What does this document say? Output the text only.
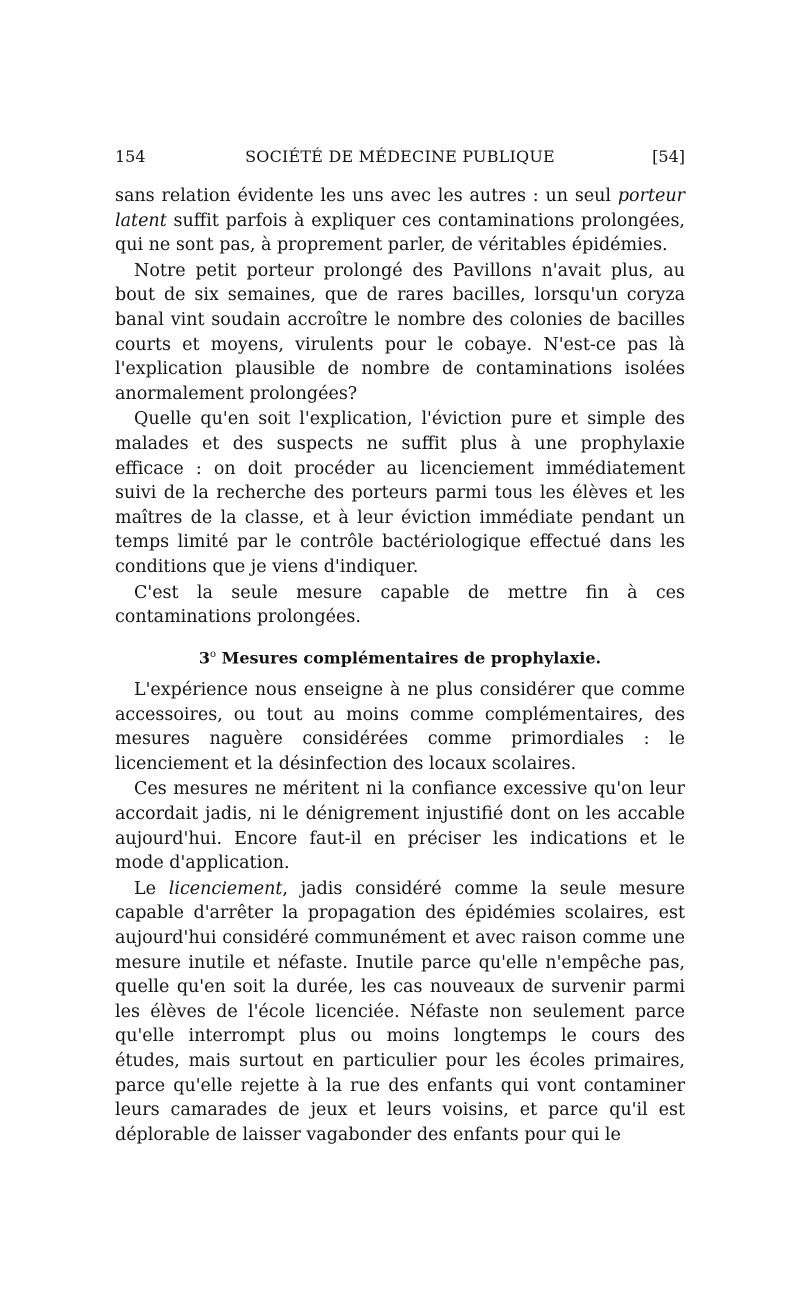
154	SOCIÉTÉ DE MÉDECINE PUBLIQUE	[54]

sans relation évidente les uns avec les autres : un seul porteur latent suffit parfois à expliquer ces contaminations prolongées, qui ne sont pas, à proprement parler, de véritables épidémies.

Notre petit porteur prolongé des Pavillons n'avait plus, au bout de six semaines, que de rares bacilles, lorsqu'un coryza banal vint soudain accroître le nombre des colonies de bacilles courts et moyens, virulents pour le cobaye. N'est-ce pas là l'explication plausible de nombre de contaminations isolées anormalement prolongées?

Quelle qu'en soit l'explication, l'éviction pure et simple des malades et des suspects ne suffit plus à une prophylaxie efficace : on doit procéder au licenciement immédiatement suivi de la recherche des porteurs parmi tous les élèves et les maîtres de la classe, et à leur éviction immédiate pendant un temps limité par le contrôle bactériologique effectué dans les conditions que je viens d'indiquer.

C'est la seule mesure capable de mettre fin à ces contaminations prolongées.

3$^o$ Mesures complémentaires de prophylaxie.

L'expérience nous enseigne à ne plus considérer que comme accessoires, ou tout au moins comme complémentaires, des mesures naguère considérées comme primordiales : le licenciement et la désinfection des locaux scolaires.

Ces mesures ne méritent ni la confiance excessive qu'on leur accordait jadis, ni le dénigrement injustifié dont on les accable aujourd'hui. Encore faut-il en préciser les indications et le mode d'application.

Le licenciement, jadis considéré comme la seule mesure capable d'arrêter la propagation des épidémies scolaires, est aujourd'hui considéré communément et avec raison comme une mesure inutile et néfaste. Inutile parce qu'elle n'empêche pas, quelle qu'en soit la durée, les cas nouveaux de survenir parmi les élèves de l'école licenciée. Néfaste non seulement parce qu'elle interrompt plus ou moins longtemps le cours des études, mais surtout en particulier pour les écoles primaires, parce qu'elle rejette à la rue des enfants qui vont contaminer leurs camarades de jeux et leurs voisins, et parce qu'il est déplorable de laisser vagabonder des enfants pour qui le
